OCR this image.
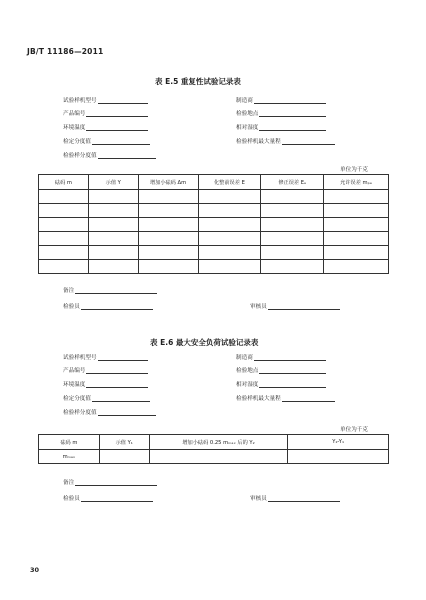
JB/T 11186—2011
表 E.5 重复性试验记录表
试验样机型号
产品编号
环境温度
检定分度值
检验样分度值
制造商
检验地点
相对湿度
检验样机最大量程
单位为千克
砝码 m	示值 Y	增加小砝码 Δm	化整前误差 E	修正误差 Eₑ	允许误差 mₚₑ

备注
检验员	审核员
表 E.6 最大安全负荷试验记录表
试验样机型号
产品编号
环境温度
检定分度值
检验样分度值
制造商
检验地点
相对湿度
检验样机最大量程
单位为千克
砝码 m	示值 Y₁	增加小砝码 0.25 mₘₐₓ 后的 Y₂	Y₂-Y₁
mₘₐₓ			
备注
检验员	审核员
30
